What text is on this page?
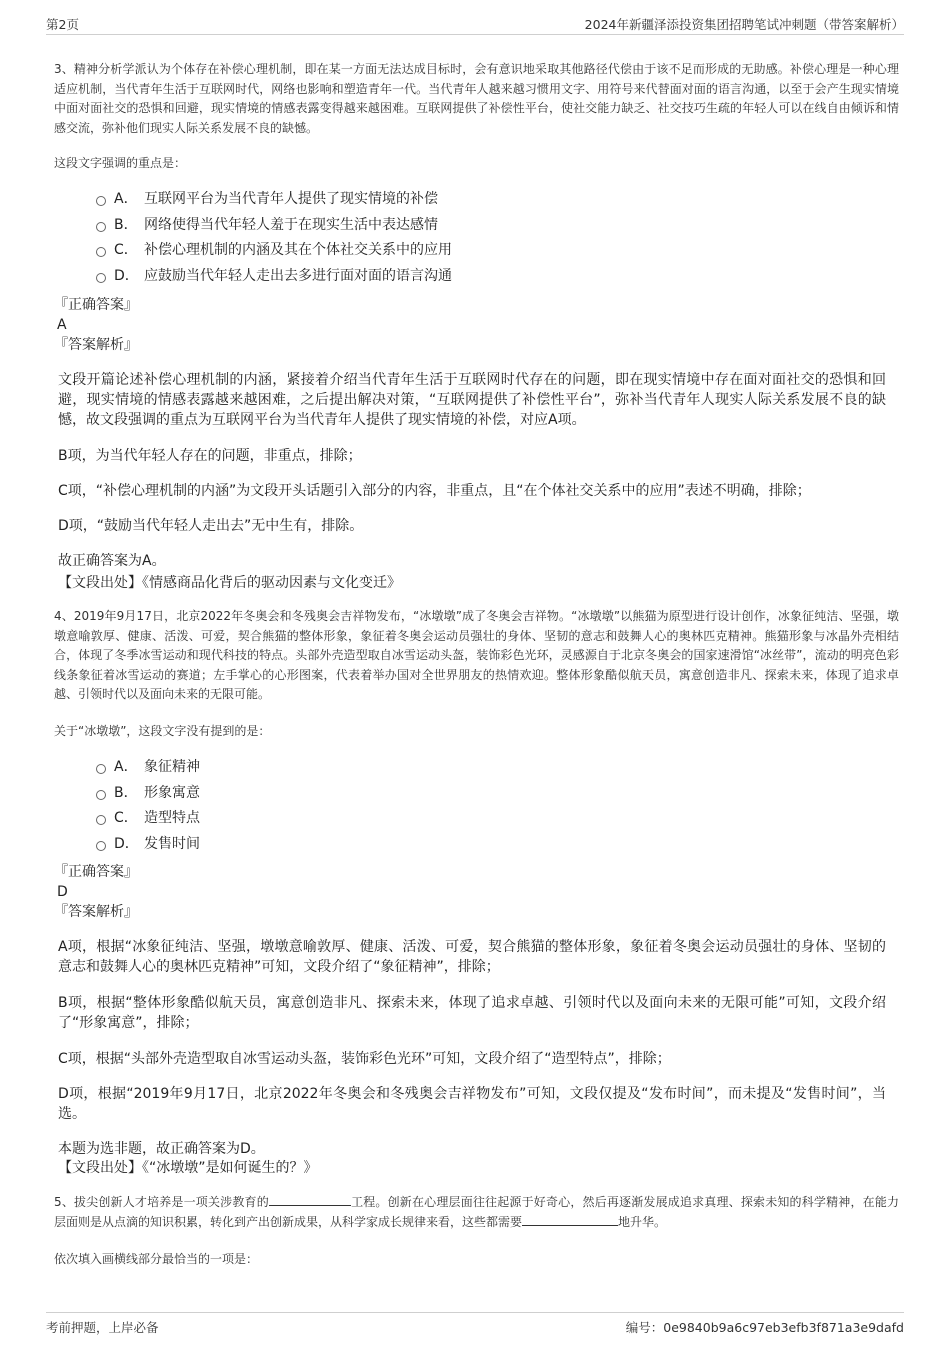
第2页	2024年新疆泽添投资集团招聘笔试冲刺题（带答案解析）

3、精神分析学派认为个体存在补偿心理机制，即在某一方面无法达成目标时，会有意识地采取其他路径代偿由于该不足而形成的无助感。补偿心理是一种心理适应机制，当代青年生活于互联网时代，网络也影响和塑造青年一代。当代青年人越来越习惯用文字、用符号来代替面对面的语言沟通，以至于会产生现实情境中面对面社交的恐惧和回避，现实情境的情感表露变得越来越困难。互联网提供了补偿性平台，使社交能力缺乏、社交技巧生疏的年轻人可以在线自由倾诉和情感交流，弥补他们现实人际关系发展不良的缺憾。

这段文字强调的重点是：

A． 互联网平台为当代青年人提供了现实情境的补偿
B． 网络使得当代年轻人羞于在现实生活中表达感情
C． 补偿心理机制的内涵及其在个体社交关系中的应用
D． 应鼓励当代年轻人走出去多进行面对面的语言沟通

『正确答案』

A

『答案解析』

文段开篇论述补偿心理机制的内涵，紧接着介绍当代青年生活于互联网时代存在的问题，即在现实情境中存在面对面社交的恐惧和回避，现实情境的情感表露越来越困难，之后提出解决对策，“互联网提供了补偿性平台”，弥补当代青年人现实人际关系发展不良的缺憾，故文段强调的重点为互联网平台为当代青年人提供了现实情境的补偿，对应A项。

B项，为当代年轻人存在的问题，非重点，排除；

C项，“补偿心理机制的内涵”为文段开头话题引入部分的内容，非重点，且“在个体社交关系中的应用”表述不明确，排除；

D项，“鼓励当代年轻人走出去”无中生有，排除。

故正确答案为A。

【文段出处】《情感商品化背后的驱动因素与文化变迁》

4、2019年9月17日，北京2022年冬奥会和冬残奥会吉祥物发布，“冰墩墩”成了冬奥会吉祥物。“冰墩墩”以熊猫为原型进行设计创作，冰象征纯洁、坚强，墩墩意喻敦厚、健康、活泼、可爱，契合熊猫的整体形象，象征着冬奥会运动员强壮的身体、坚韧的意志和鼓舞人心的奥林匹克精神。熊猫形象与冰晶外壳相结合，体现了冬季冰雪运动和现代科技的特点。头部外壳造型取自冰雪运动头盔，装饰彩色光环，灵感源自于北京冬奥会的国家速滑馆“冰丝带”，流动的明亮色彩线条象征着冰雪运动的赛道；左手掌心的心形图案，代表着举办国对全世界朋友的热情欢迎。整体形象酷似航天员，寓意创造非凡、探索未来，体现了追求卓越、引领时代以及面向未来的无限可能。

关于“冰墩墩”，这段文字没有提到的是：

A． 象征精神
B． 形象寓意
C． 造型特点
D． 发售时间

『正确答案』

D

『答案解析』

A项，根据“冰象征纯洁、坚强，墩墩意喻敦厚、健康、活泼、可爱，契合熊猫的整体形象，象征着冬奥会运动员强壮的身体、坚韧的意志和鼓舞人心的奥林匹克精神”可知，文段介绍了“象征精神”，排除；

B项，根据“整体形象酷似航天员，寓意创造非凡、探索未来，体现了追求卓越、引领时代以及面向未来的无限可能”可知，文段介绍了“形象寓意”，排除；

C项，根据“头部外壳造型取自冰雪运动头盔，装饰彩色光环”可知，文段介绍了“造型特点”，排除；

D项，根据“2019年9月17日，北京2022年冬奥会和冬残奥会吉祥物发布”可知，文段仅提及“发布时间”，而未提及“发售时间”，当选。

本题为选非题，故正确答案为D。

【文段出处】《“冰墩墩”是如何诞生的？》

5、拔尖创新人才培养是一项关涉教育的	工程。创新在心理层面往往起源于好奇心，然后再逐渐发展成追求真理、探索未知的科学精神，在能力层面则是从点滴的知识积累，转化到产出创新成果，从科学家成长规律来看，这些都需要	地升华。

依次填入画横线部分最恰当的一项是：

考前押题，上岸必备	编号：0e9840b9a6c97eb3efb3f871a3e9dafd
